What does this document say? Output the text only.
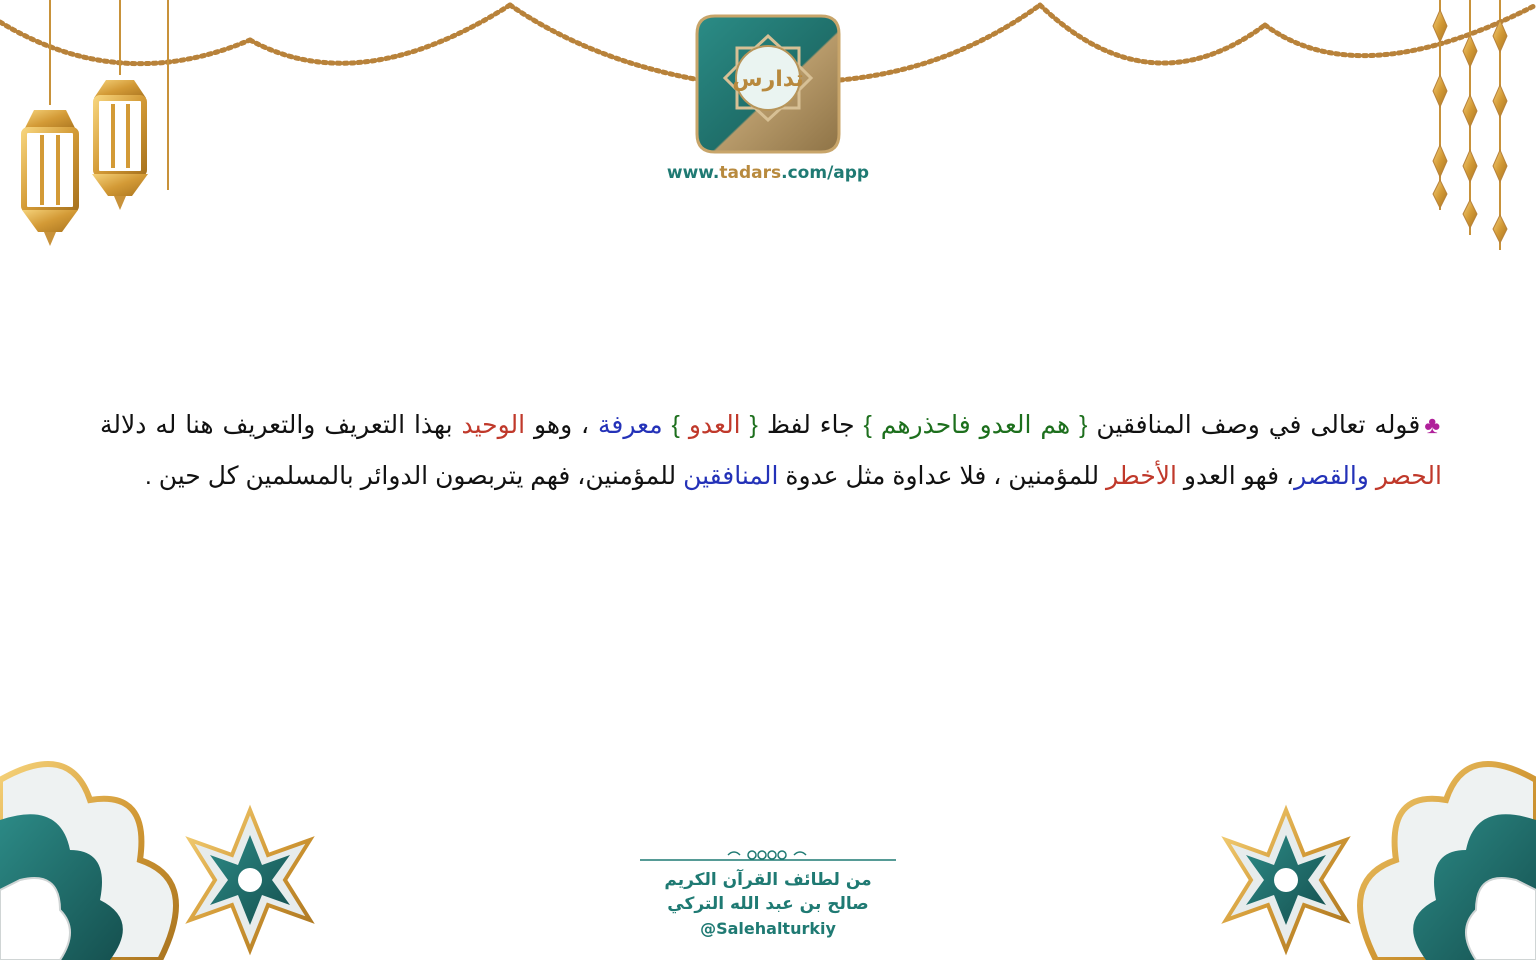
تدارس
www.tadars.com/app
♣قوله تعالى في وصف المنافقين { هم العدو فاحذرهم } جاء لفظ { العدو } معرفة ، وهو الوحيد بهذا التعريف والتعريف هنا له دلالة الحصر والقصر، فهو العدو الأخطر للمؤمنين ، فلا عداوة مثل عدوة المنافقين للمؤمنين، فهم يتربصون الدوائر بالمسلمين كل حين .
من لطائف القرآن الكريم
صالح بن عبد الله التركي
@Salehalturkiy
